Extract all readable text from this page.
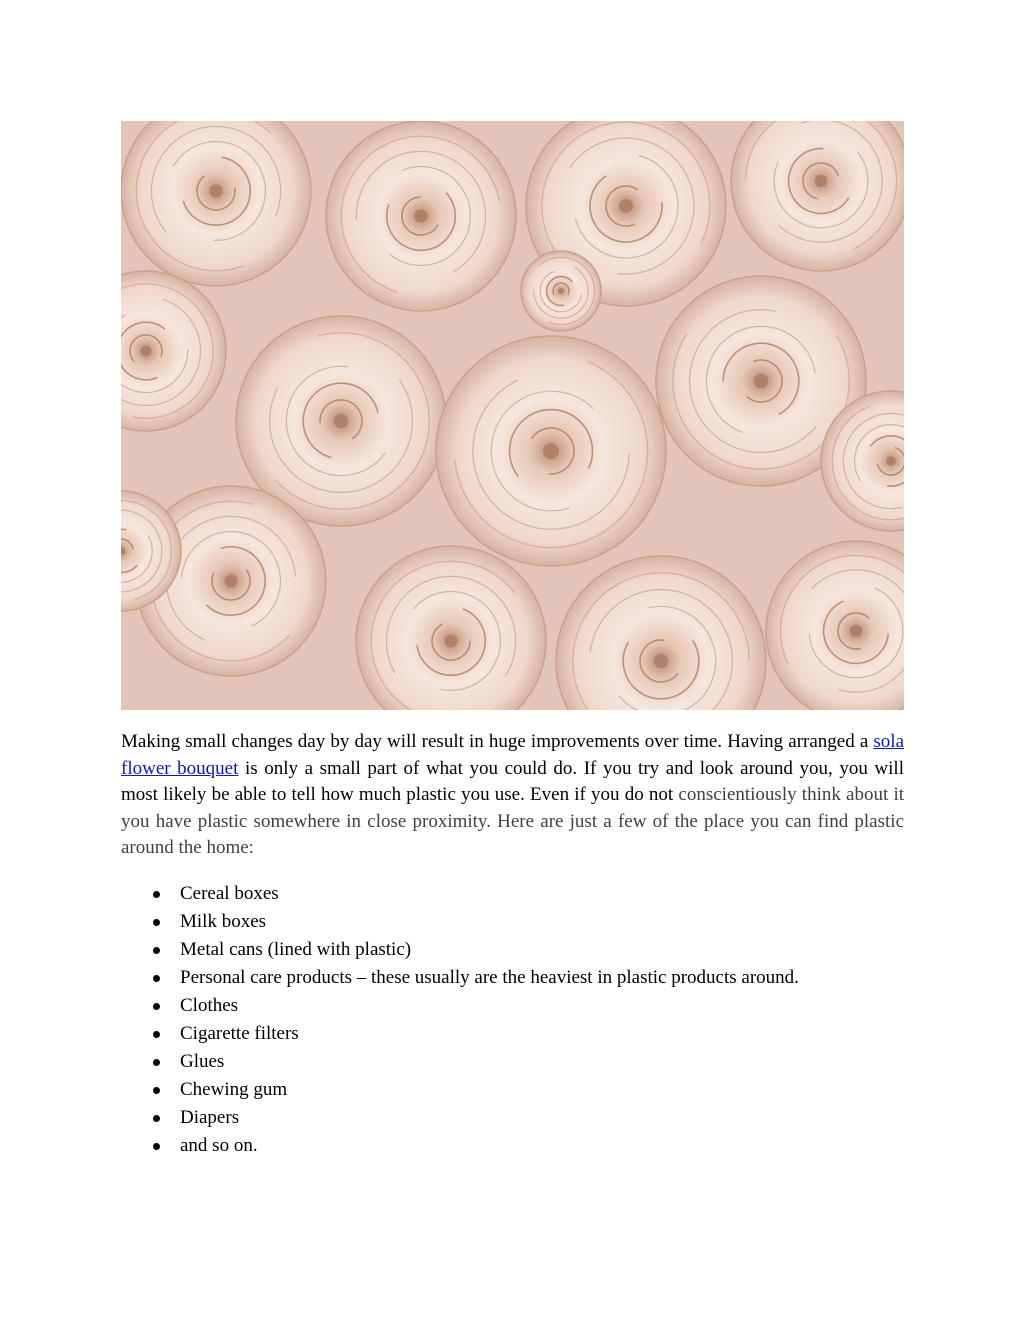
Making small changes day by day will result in huge improvements over time. Having arranged a sola flower bouquet is only a small part of what you could do. If you try and look around you, you will most likely be able to tell how much plastic you use. Even if you do not conscientiously think about it you have plastic somewhere in close proximity. Here are just a few of the place you can find plastic around the home:

Cereal boxes
Milk boxes
Metal cans (lined with plastic)
Personal care products – these usually are the heaviest in plastic products around.
Clothes
Cigarette filters
Glues
Chewing gum
Diapers
and so on.
